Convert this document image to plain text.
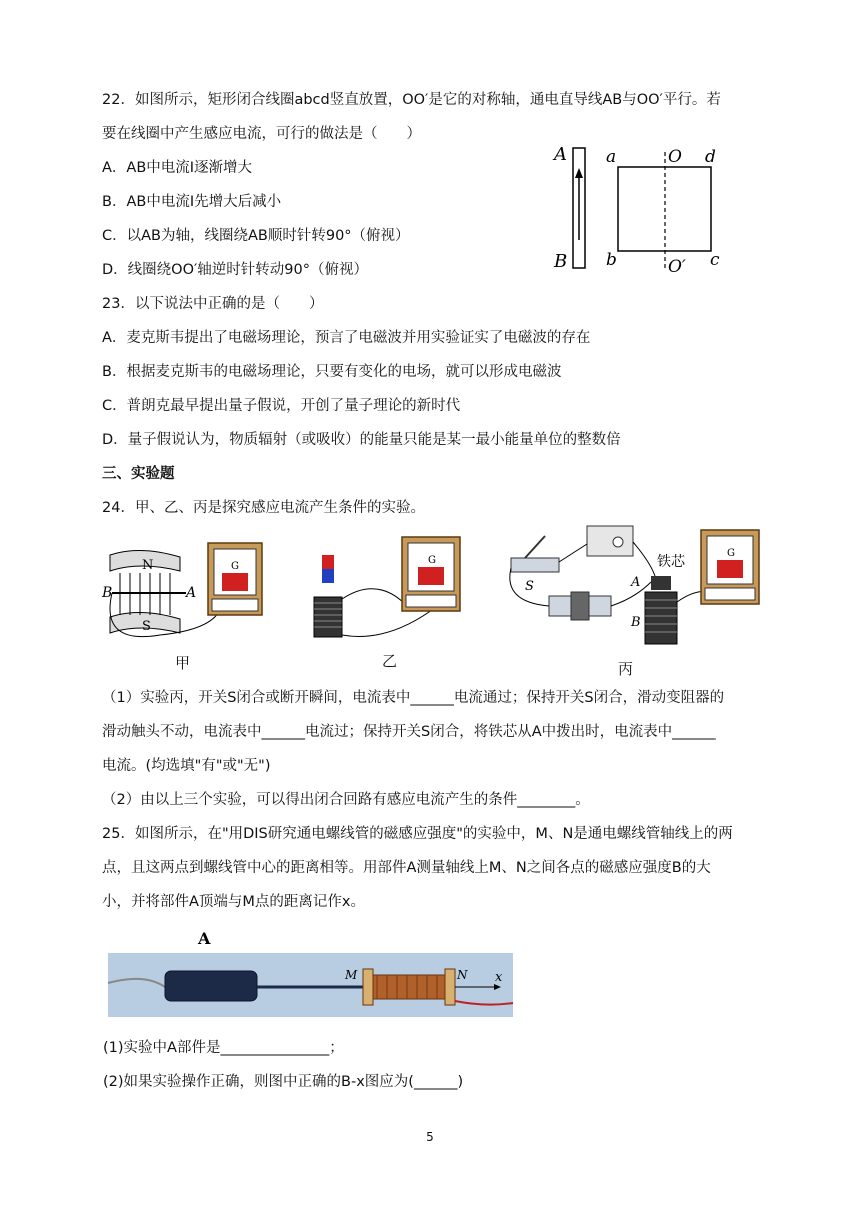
22．如图所示，矩形闭合线圈abcd竖直放置，OO′是它的对称轴，通电直导线AB与OO′平行。若
要在线圈中产生感应电流，可行的做法是（　　）
A．AB中电流I逐渐增大
B．AB中电流I先增大后减小
C．以AB为轴，线圈绕AB顺时针转90°（俯视）
D．线圈绕OO′轴逆时针转动90°（俯视）
A
B
a	O d
b	O′ c
23．以下说法中正确的是（　　）
A．麦克斯韦提出了电磁场理论，预言了电磁波并用实验证实了电磁波的存在
B．根据麦克斯韦的电磁场理论，只要有变化的电场，就可以形成电磁波
C．普朗克最早提出量子假说，开创了量子理论的新时代
D．量子假说认为，物质辐射（或吸收）的能量只能是某一最小能量单位的整数倍
三、实验题
24．甲、乙、丙是探究感应电流产生条件的实验。
N
S
B	A
G
甲
G
乙
S	A
B
铁芯
G
丙
（1）实验丙，开关S闭合或断开瞬间，电流表中______电流通过；保持开关S闭合，滑动变阻器的
滑动触头不动，电流表中______电流过；保持开关S闭合，将铁芯从A中拨出时，电流表中______
电流。(均选填"有"或"无")
（2）由以上三个实验，可以得出闭合回路有感应电流产生的条件________。
25．如图所示，在"用DIS研究通电螺线管的磁感应强度"的实验中，M、N是通电螺线管轴线上的两
点，且这两点到螺线管中心的距离相等。用部件A测量轴线上M、N之间各点的磁感应强度B的大
小，并将部件A顶端与M点的距离记作x。
A
M	N x
(1)实验中A部件是_______________；
(2)如果实验操作正确，则图中正确的B-x图应为(______)
5
